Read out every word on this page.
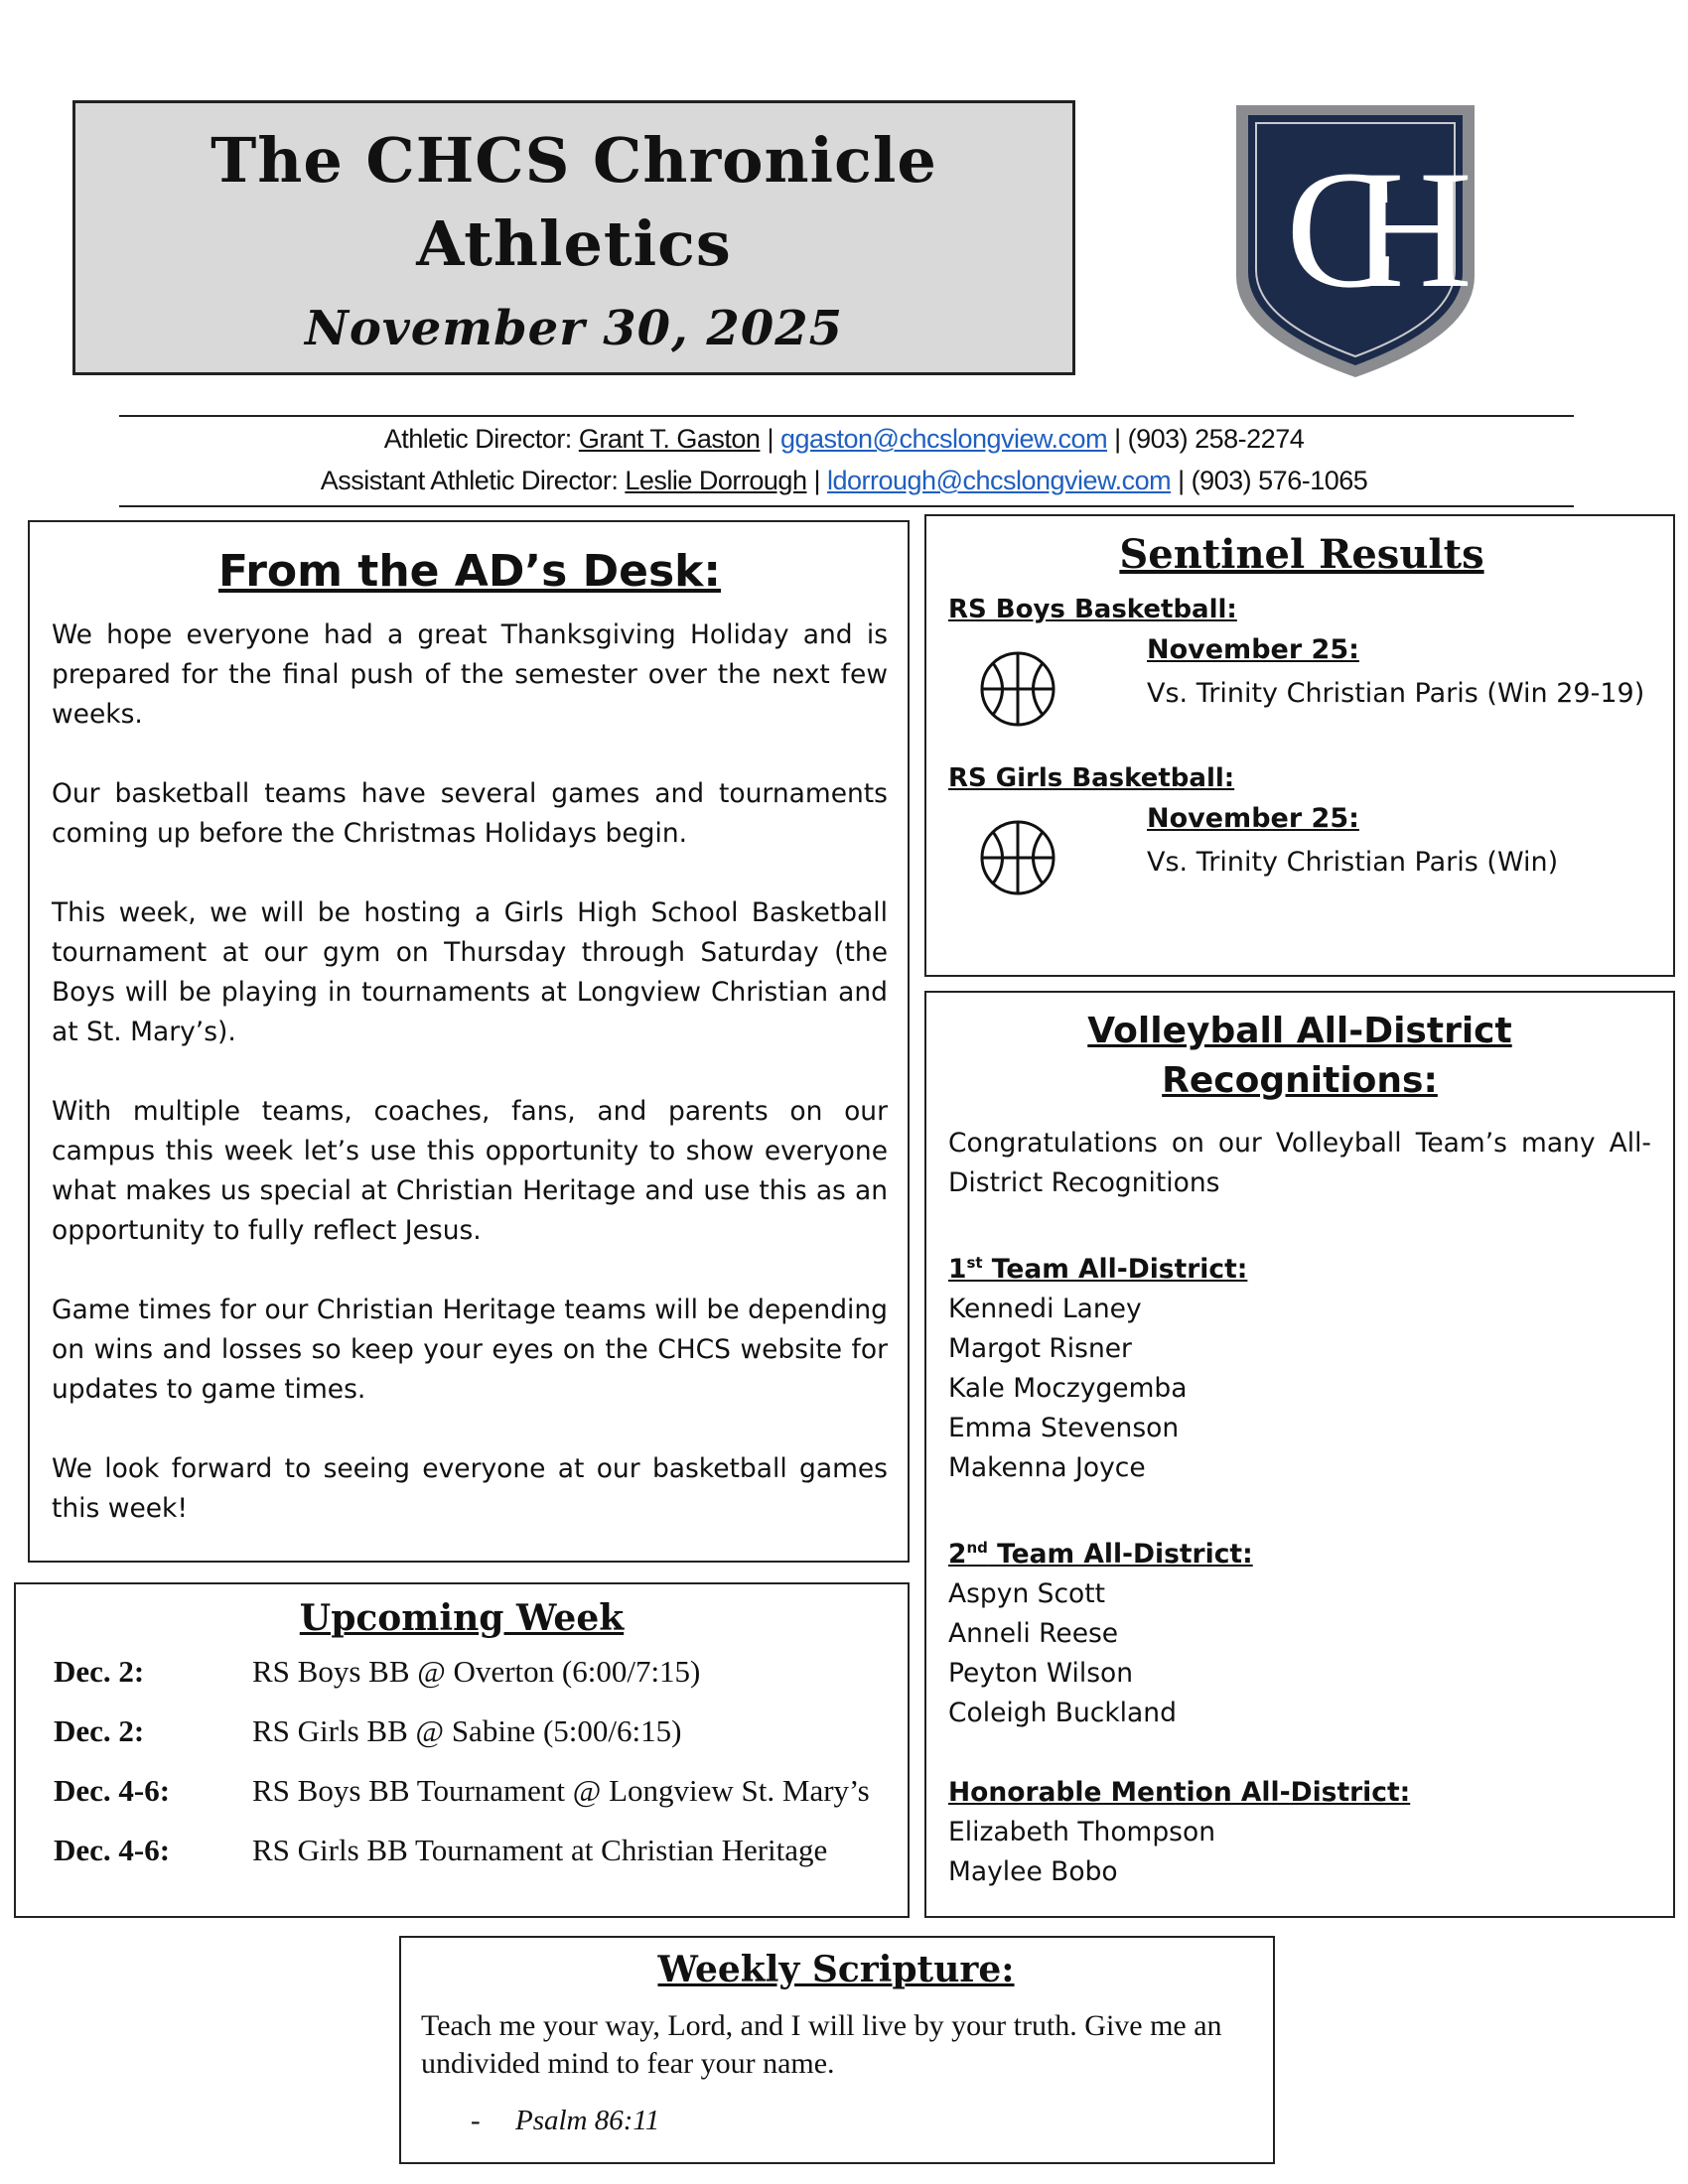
The CHCS Chronicle
Athletics
November 30, 2025
CH
Athletic Director: Grant T. Gaston | ggaston@chcslongview.com | (903) 258-2274
Assistant Athletic Director: Leslie Dorrough | ldorrough@chcslongview.com | (903) 576-1065
From the AD’s Desk:

We hope everyone had a great Thanksgiving Holiday and is prepared for the final push of the semester over the next few weeks.

Our basketball teams have several games and tournaments coming up before the Christmas Holidays begin.

This week, we will be hosting a Girls High School Basketball tournament at our gym on Thursday through Saturday (the Boys will be playing in tournaments at Longview Christian and at St. Mary’s).

With multiple teams, coaches, fans, and parents on our campus this week let’s use this opportunity to show everyone what makes us special at Christian Heritage and use this as an opportunity to fully reflect Jesus.

Game times for our Christian Heritage teams will be depending on wins and losses so keep your eyes on the CHCS website for updates to game times.

We look forward to seeing everyone at our basketball games this week!

Upcoming Week
Dec. 2:	RS Boys BB @ Overton (6:00/7:15)
Dec. 2:	RS Girls BB @ Sabine (5:00/6:15)
Dec. 4-6:	RS Boys BB Tournament @ Longview St. Mary’s
Dec. 4-6:	RS Girls BB Tournament at Christian Heritage
Sentinel Results
RS Boys Basketball:
November 25:
Vs. Trinity Christian Paris (Win 29-19)
RS Girls Basketball:
November 25:
Vs. Trinity Christian Paris (Win)
Volleyball All-District Recognitions:
Congratulations on our Volleyball Team’s many All-District Recognitions
1st Team All-District:
Kennedi Laney
Margot Risner
Kale Moczygemba
Emma Stevenson
Makenna Joyce
2nd Team All-District:
Aspyn Scott
Anneli Reese
Peyton Wilson
Coleigh Buckland
Honorable Mention All-District:
Elizabeth Thompson
Maylee Bobo
Weekly Scripture:
Teach me your way, Lord, and I will live by your truth. Give me an undivided mind to fear your name.
- Psalm 86:11
